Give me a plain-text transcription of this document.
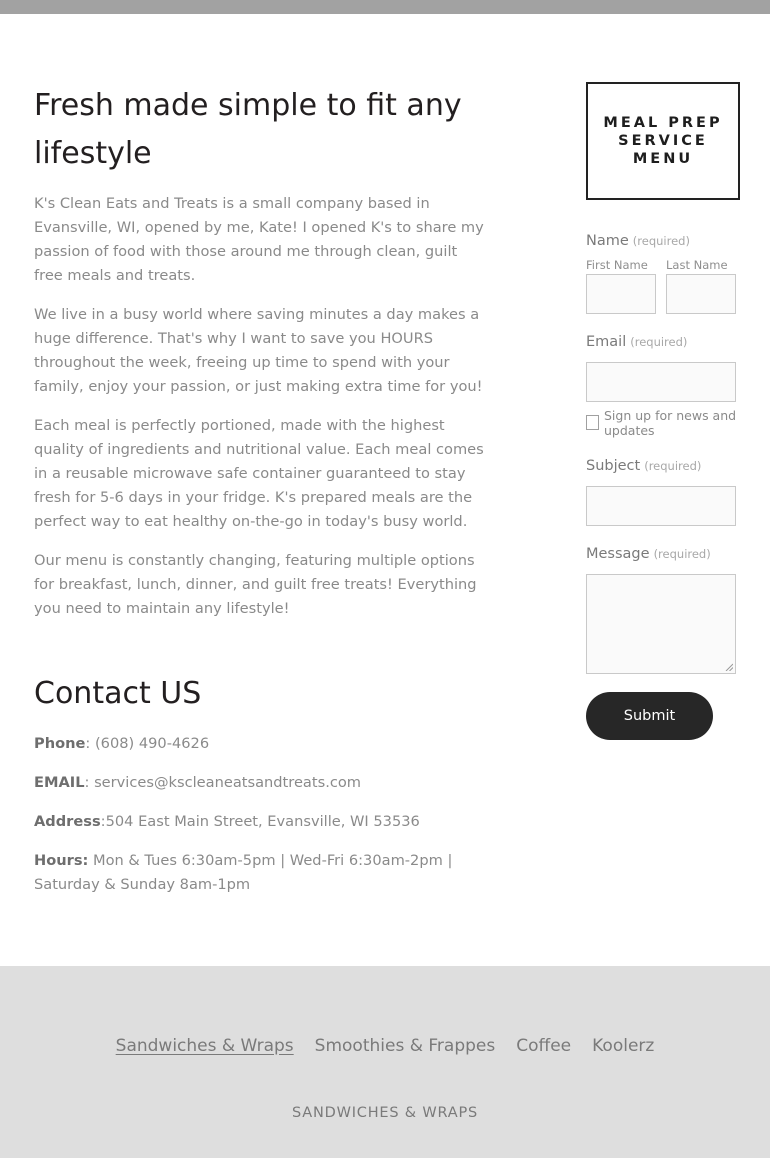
Fresh made simple to fit any lifestyle

K's Clean Eats and Treats is a small company based in Evansville, WI, opened by me, Kate! I opened K's to share my passion of food with those around me through clean, guilt free meals and treats.

We live in a busy world where saving minutes a day makes a huge difference. That's why I want to save you HOURS throughout the week, freeing up time to spend with your family, enjoy your passion, or just making extra time for you!

Each meal is perfectly portioned, made with the highest quality of ingredients and nutritional value. Each meal comes in a reusable microwave safe container guaranteed to stay fresh for 5-6 days in your fridge. K's prepared meals are the perfect way to eat healthy on-the-go in today's busy world.

Our menu is constantly changing, featuring multiple options for breakfast, lunch, dinner, and guilt free treats! Everything you need to maintain any lifestyle!

Contact US
Phone: (608) 490-4626
EMAIL: services@kscleaneatsandtreats.com
Address:504 East Main Street, Evansville, WI 53536
Hours: Mon & Tues 6:30am-5pm | Wed-Fri 6:30am-2pm | Saturday & Sunday 8am-1pm
MEAL PREP SERVICE MENU
Name (required)
First Name Last Name
Email (required)
Sign up for news and updates
Subject (required)
Message (required)
Submit
Sandwiches & Wraps Smoothies & Frappes Coffee Koolerz
SANDWICHES & WRAPS
